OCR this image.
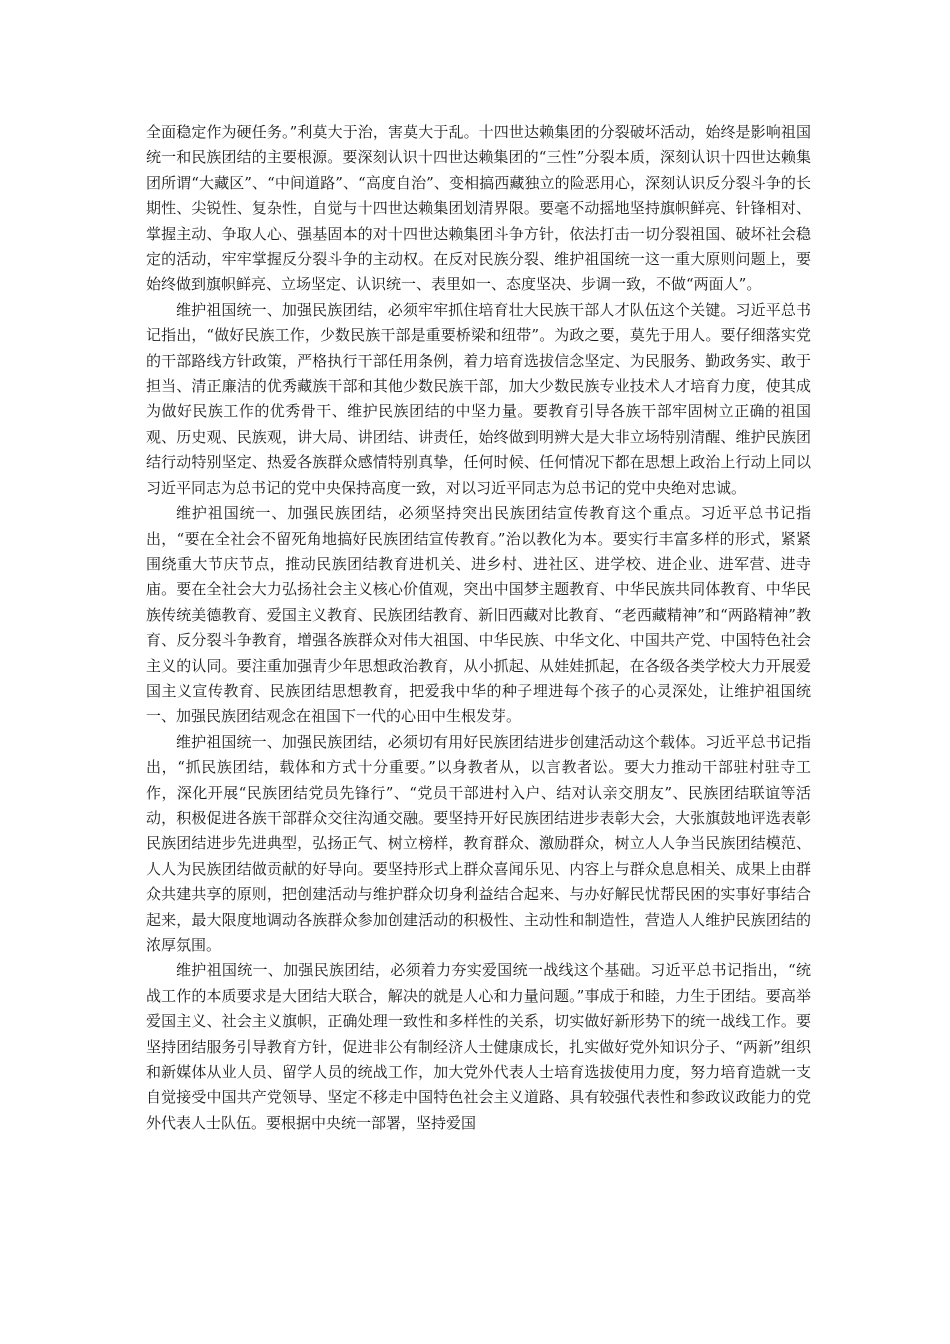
全面稳定作为硬任务。”利莫大于治，害莫大于乱。十四世达赖集团的分裂破坏活动，始终是影响祖国统一和民族团结的主要根源。要深刻认识十四世达赖集团的“三性”分裂本质，深刻认识十四世达赖集团所谓“大藏区”、“中间道路”、“高度自治”、变相搞西藏独立的险恶用心，深刻认识反分裂斗争的长期性、尖锐性、复杂性，自觉与十四世达赖集团划清界限。要毫不动摇地坚持旗帜鲜亮、针锋相对、掌握主动、争取人心、强基固本的对十四世达赖集团斗争方针，依法打击一切分裂祖国、破坏社会稳定的活动，牢牢掌握反分裂斗争的主动权。在反对民族分裂、维护祖国统一这一重大原则问题上，要始终做到旗帜鲜亮、立场坚定、认识统一、表里如一、态度坚决、步调一致，不做“两面人”。

维护祖国统一、加强民族团结，必须牢牢抓住培育壮大民族干部人才队伍这个关键。习近平总书记指出，“做好民族工作，少数民族干部是重要桥梁和纽带”。为政之要，莫先于用人。要仔细落实党的干部路线方针政策，严格执行干部任用条例，着力培育选拔信念坚定、为民服务、勤政务实、敢于担当、清正廉洁的优秀藏族干部和其他少数民族干部，加大少数民族专业技术人才培育力度，使其成为做好民族工作的优秀骨干、维护民族团结的中坚力量。要教育引导各族干部牢固树立正确的祖国观、历史观、民族观，讲大局、讲团结、讲责任，始终做到明辨大是大非立场特别清醒、维护民族团结行动特别坚定、热爱各族群众感情特别真挚，任何时候、任何情况下都在思想上政治上行动上同以习近平同志为总书记的党中央保持高度一致，对以习近平同志为总书记的党中央绝对忠诚。

维护祖国统一、加强民族团结，必须坚持突出民族团结宣传教育这个重点。习近平总书记指出，“要在全社会不留死角地搞好民族团结宣传教育。”治以教化为本。要实行丰富多样的形式，紧紧围绕重大节庆节点，推动民族团结教育进机关、进乡村、进社区、进学校、进企业、进军营、进寺庙。要在全社会大力弘扬社会主义核心价值观，突出中国梦主题教育、中华民族共同体教育、中华民族传统美德教育、爱国主义教育、民族团结教育、新旧西藏对比教育、“老西藏精神”和“两路精神”教育、反分裂斗争教育，增强各族群众对伟大祖国、中华民族、中华文化、中国共产党、中国特色社会主义的认同。要注重加强青少年思想政治教育，从小抓起、从娃娃抓起，在各级各类学校大力开展爱国主义宣传教育、民族团结思想教育，把爱我中华的种子埋进每个孩子的心灵深处，让维护祖国统一、加强民族团结观念在祖国下一代的心田中生根发芽。

维护祖国统一、加强民族团结，必须切有用好民族团结进步创建活动这个载体。习近平总书记指出，“抓民族团结，载体和方式十分重要。”以身教者从，以言教者讼。要大力推动干部驻村驻寺工作，深化开展“民族团结党员先锋行”、“党员干部进村入户、结对认亲交朋友”、民族团结联谊等活动，积极促进各族干部群众交往沟通交融。要坚持开好民族团结进步表彰大会，大张旗鼓地评选表彰民族团结进步先进典型，弘扬正气、树立榜样，教育群众、激励群众，树立人人争当民族团结模范、人人为民族团结做贡献的好导向。要坚持形式上群众喜闻乐见、内容上与群众息息相关、成果上由群众共建共享的原则，把创建活动与维护群众切身利益结合起来、与办好解民忧帮民困的实事好事结合起来，最大限度地调动各族群众参加创建活动的积极性、主动性和制造性，营造人人维护民族团结的浓厚氛围。

维护祖国统一、加强民族团结，必须着力夯实爱国统一战线这个基础。习近平总书记指出，“统战工作的本质要求是大团结大联合，解决的就是人心和力量问题。”事成于和睦，力生于团结。要高举爱国主义、社会主义旗帜，正确处理一致性和多样性的关系，切实做好新形势下的统一战线工作。要坚持团结服务引导教育方针，促进非公有制经济人士健康成长，扎实做好党外知识分子、“两新”组织和新媒体从业人员、留学人员的统战工作，加大党外代表人士培育选拔使用力度，努力培育造就一支自觉接受中国共产党领导、坚定不移走中国特色社会主义道路、具有较强代表性和参政议政能力的党外代表人士队伍。要根据中央统一部署，坚持爱国
